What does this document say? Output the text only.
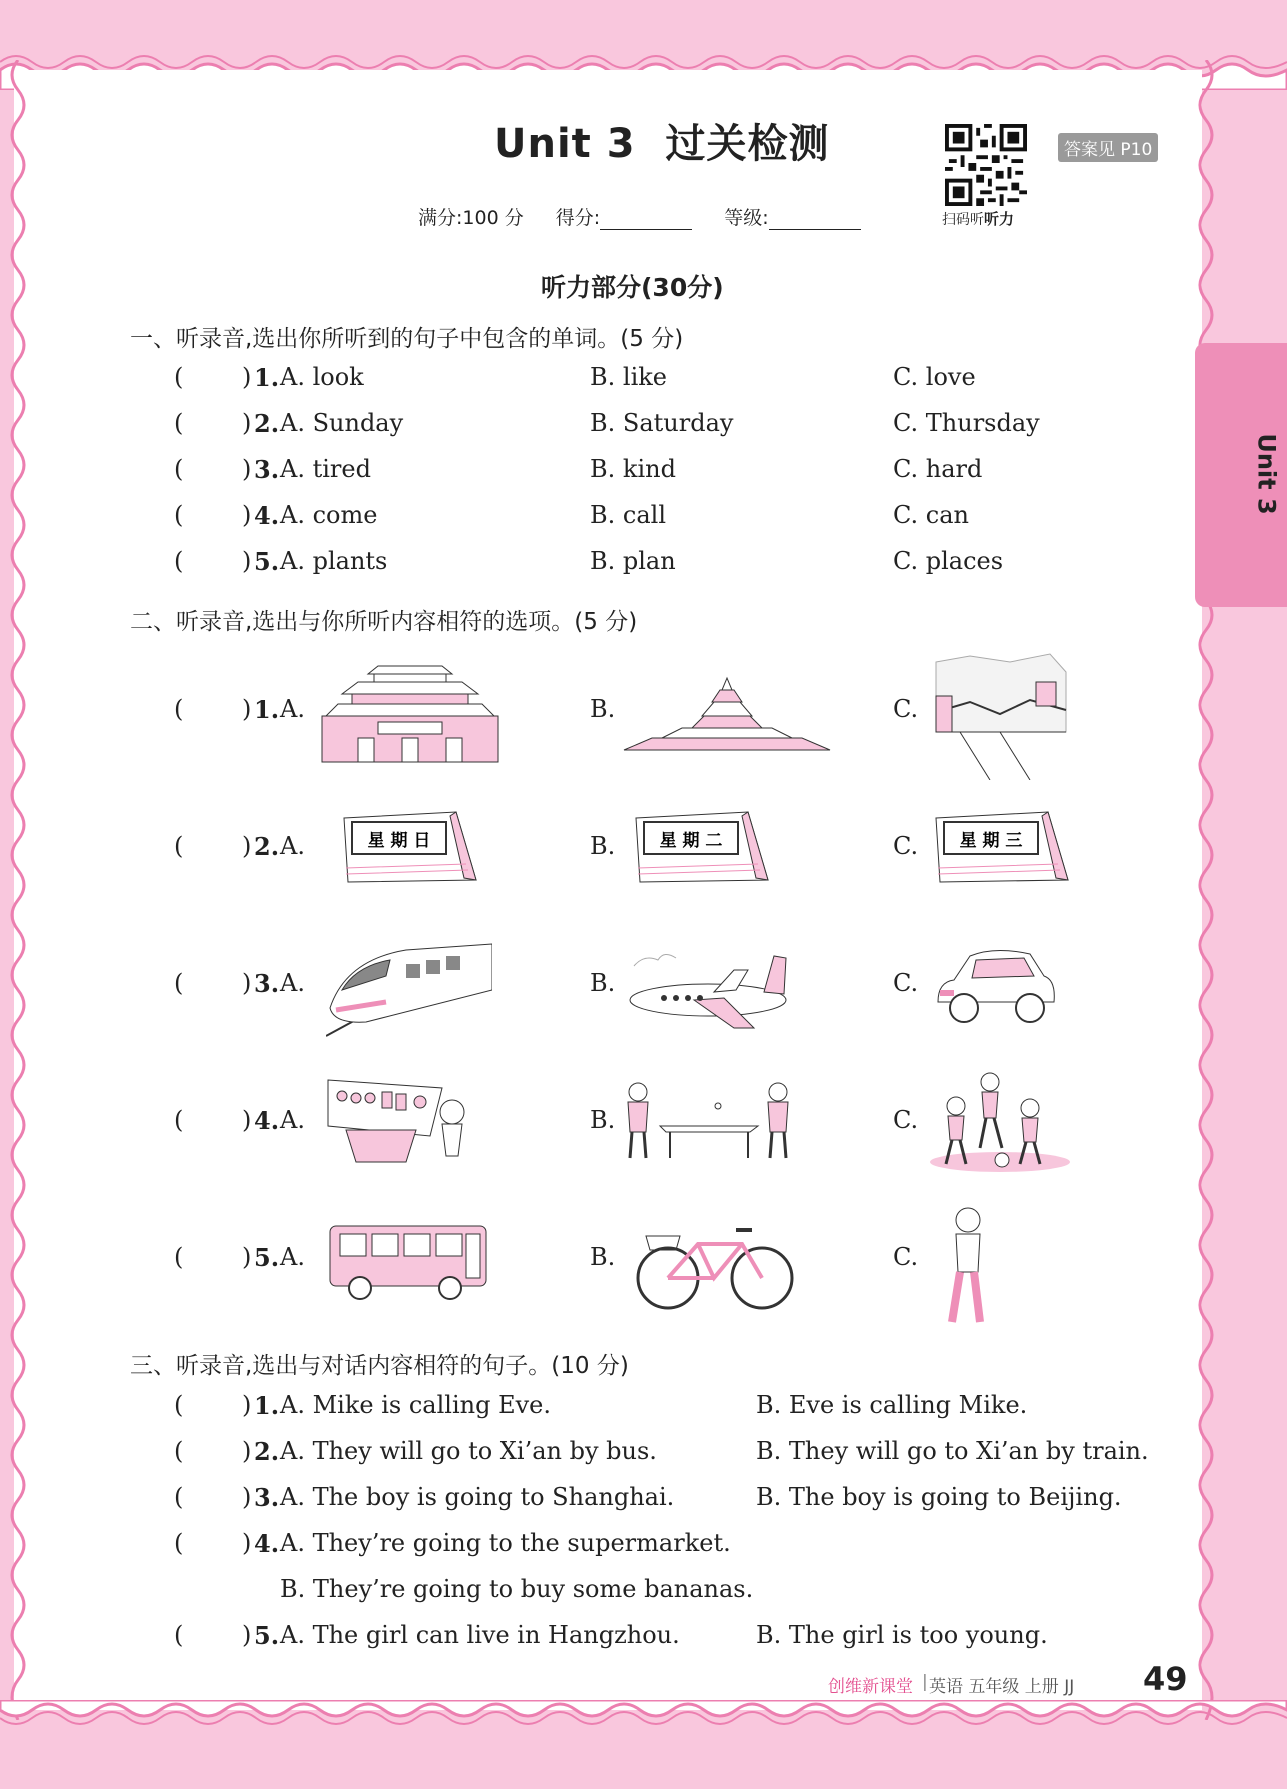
Unit 3
Unit 3 过关检测
扫码听听力
答案见 P10
满分:100 分 得分:	等级:
听力部分(30分)
一、听录音,选出你所听到的句子中包含的单词。(5 分)
( ) 1. A. look	B. like	C. love
( ) 2. A. Sunday	B. Saturday	C. Thursday
( ) 3. A. tired	B. kind	C. hard
( ) 4. A. come	B. call	C. can
( ) 5. A. plants	B. plan	C. places
二、听录音,选出与你所听内容相符的选项。(5 分)
( ) 1. A.	B.	C.
( ) 2. A.	B.	C.
( ) 3. A.	B.	C.
( ) 4. A.	B.	C.
( ) 5. A.	B.	C.
星 期 日	星 期 二	星 期 三
三、听录音,选出与对话内容相符的句子。(10 分)
( ) 1. A. Mike is calling Eve.	B. Eve is calling Mike.
( ) 2. A. They will go to Xi’an by bus.	B. They will go to Xi’an by train.
( ) 3. A. The boy is going to Shanghai.	B. The boy is going to Beijing.
( ) 4. A. They’re going to the supermarket.
B. They’re going to buy some bananas.
( ) 5. A. The girl can live in Hangzhou.	B. The girl is too young.
创维新课堂 | 英语 五年级 上册 JJ 49
